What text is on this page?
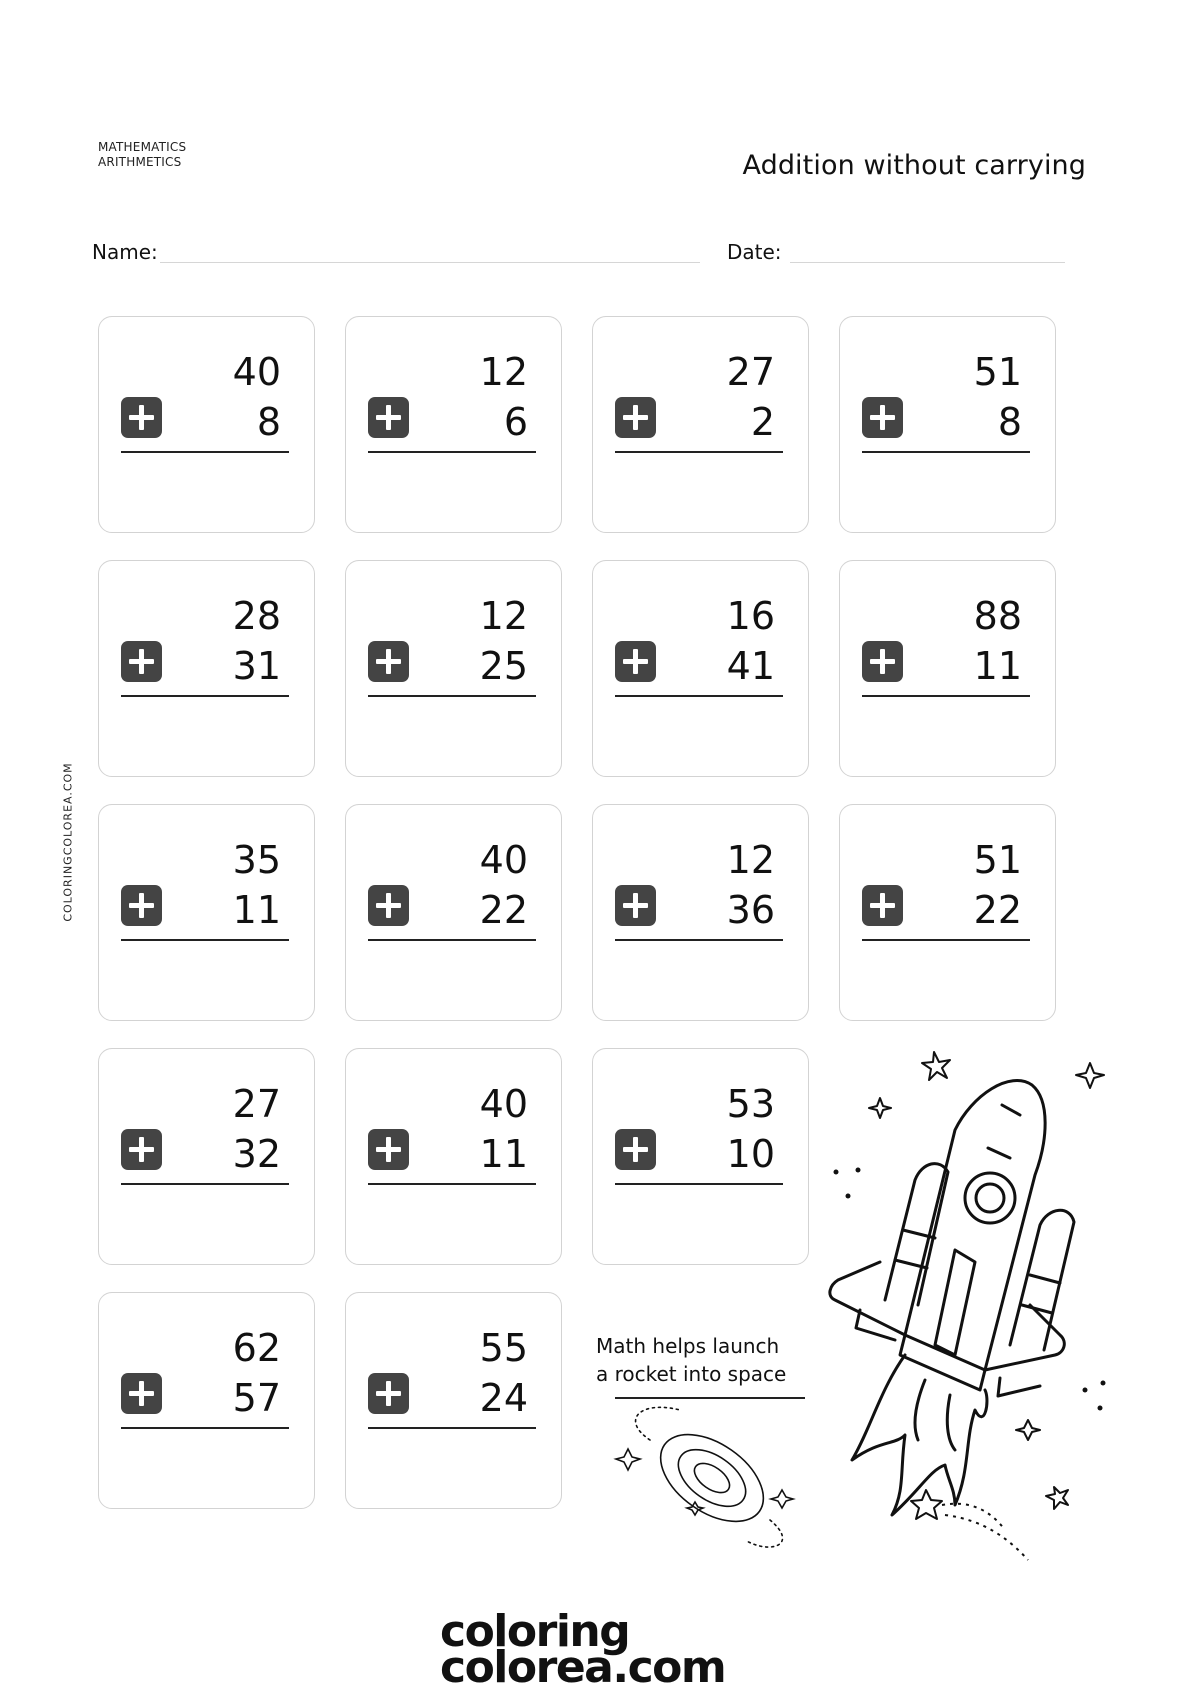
MATHEMATICS
ARITHMETICS	Addition without carrying
Name:	Date:
COLORINGCOLOREA.COM
40
8
12
6
27
2
51
8
28
31
12
25
16
41
88
11
35
11
40
22
12
36
51
22
27
32
40
11
53
10
62
57
55
24
Math helps launch
a rocket into space
coloring
colorea.com
